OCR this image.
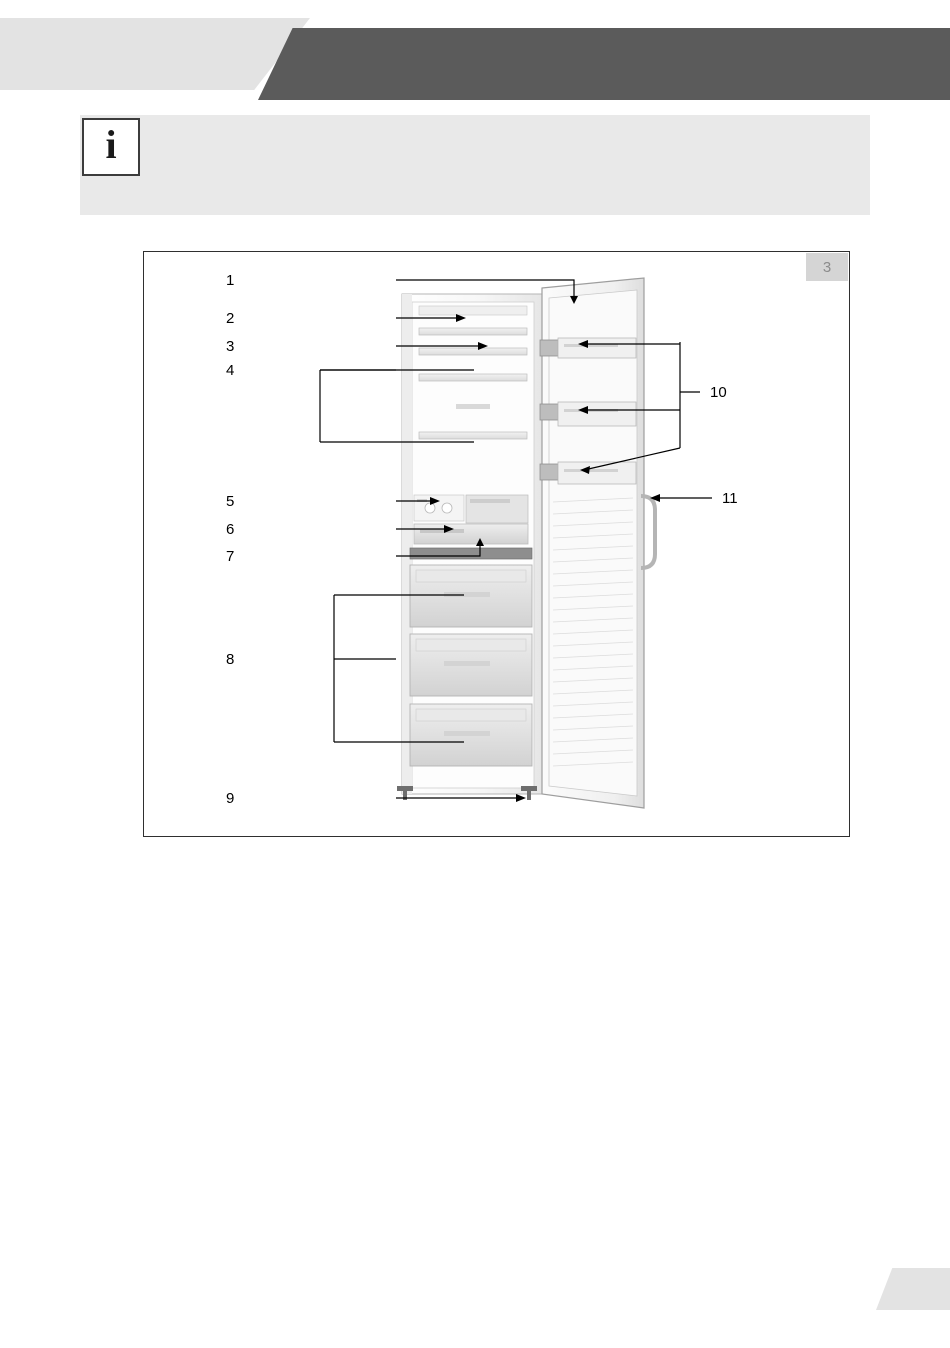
i
3
1
2
3
4
5
6
7
8
9
10
11
